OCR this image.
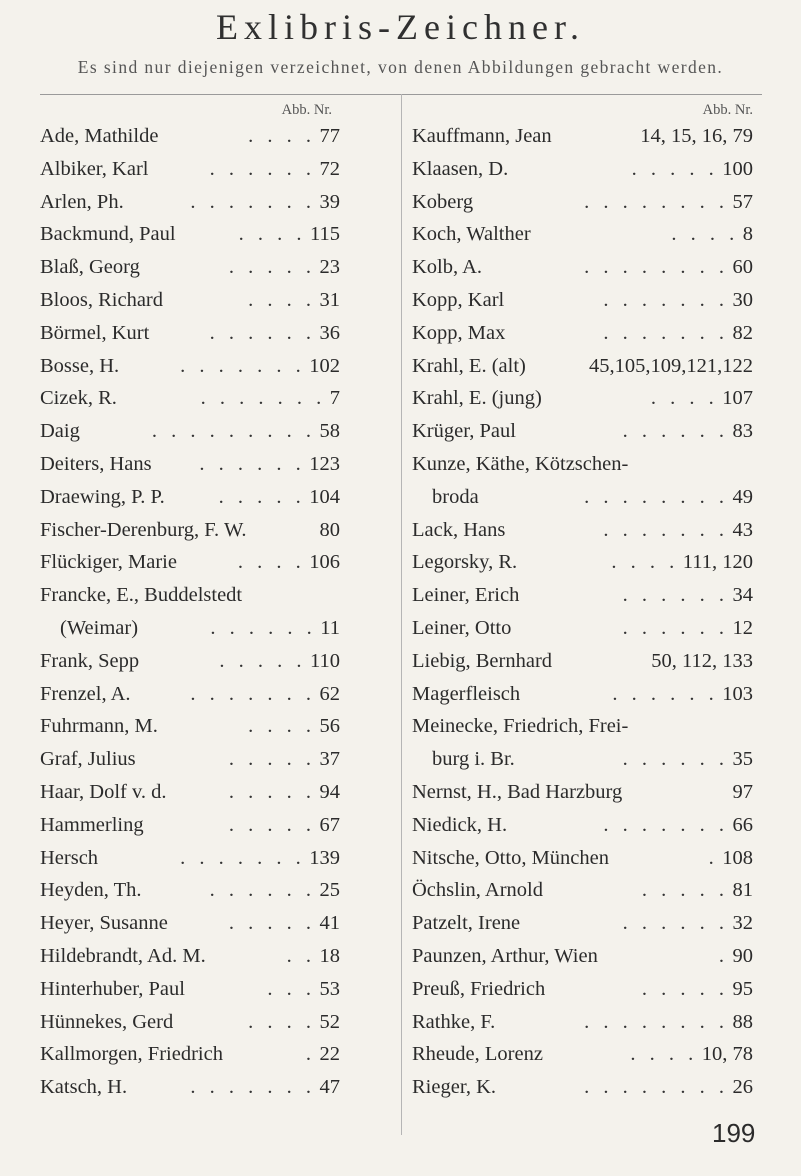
Exlibris-Zeichner.
Es sind nur diejenigen verzeichnet, von denen Abbildungen gebracht werden.
Abb. Nr.
Ade, Mathilde	. . . . 77
Albiker, Karl	. . . . . . 72
Arlen, Ph.	. . . . . . . 39
Backmund, Paul	. . . . 115
Blaß, Georg	. . . . . 23
Bloos, Richard	. . . . 31
Börmel, Kurt	. . . . . . 36
Bosse, H.	. . . . . . . 102
Cizek, R.	. . . . . . . 7
Daig	. . . . . . . . . 58
Deiters, Hans	. . . . . . 123
Draewing, P. P.	. . . . . 104
Fischer-Derenburg, F. W.	80
Flückiger, Marie	. . . . 106
Francke, E., Buddelstedt
(Weimar)	. . . . . . 11
Frank, Sepp	. . . . . 110
Frenzel, A.	. . . . . . . 62
Fuhrmann, M.	. . . . 56
Graf, Julius	. . . . . 37
Haar, Dolf v. d.	. . . . . 94
Hammerling	. . . . . 67
Hersch	. . . . . . . 139
Heyden, Th.	. . . . . . 25
Heyer, Susanne	. . . . . 41
Hildebrandt, Ad. M.	. . 18
Hinterhuber, Paul	. . . 53
Hünnekes, Gerd	. . . . 52
Kallmorgen, Friedrich	. 22
Katsch, H.	. . . . . . . 47
Abb. Nr.
Kauffmann, Jean	14, 15, 16, 79
Klaasen, D.	. . . . . 100
Koberg	. . . . . . . . 57
Koch, Walther	. . . . 8
Kolb, A.	. . . . . . . . 60
Kopp, Karl	. . . . . . . 30
Kopp, Max	. . . . . . . 82
Krahl, E. (alt)	45,105,109,121,122
Krahl, E. (jung)	. . . . 107
Krüger, Paul	. . . . . . 83
Kunze, Käthe, Kötzschen-
broda	. . . . . . . . 49
Lack, Hans	. . . . . . . 43
Legorsky, R.	. . . . 111, 120
Leiner, Erich	. . . . . . 34
Leiner, Otto	. . . . . . 12
Liebig, Bernhard	50, 112, 133
Magerfleisch	. . . . . . 103
Meinecke, Friedrich, Frei-
burg i. Br.	. . . . . . 35
Nernst, H., Bad Harzburg	97
Niedick, H.	. . . . . . . 66
Nitsche, Otto, München	. 108
Öchslin, Arnold	. . . . . 81
Patzelt, Irene	. . . . . . 32
Paunzen, Arthur, Wien	. 90
Preuß, Friedrich	. . . . . 95
Rathke, F.	. . . . . . . . 88
Rheude, Lorenz	. . . . 10, 78
Rieger, K.	. . . . . . . . 26
199
